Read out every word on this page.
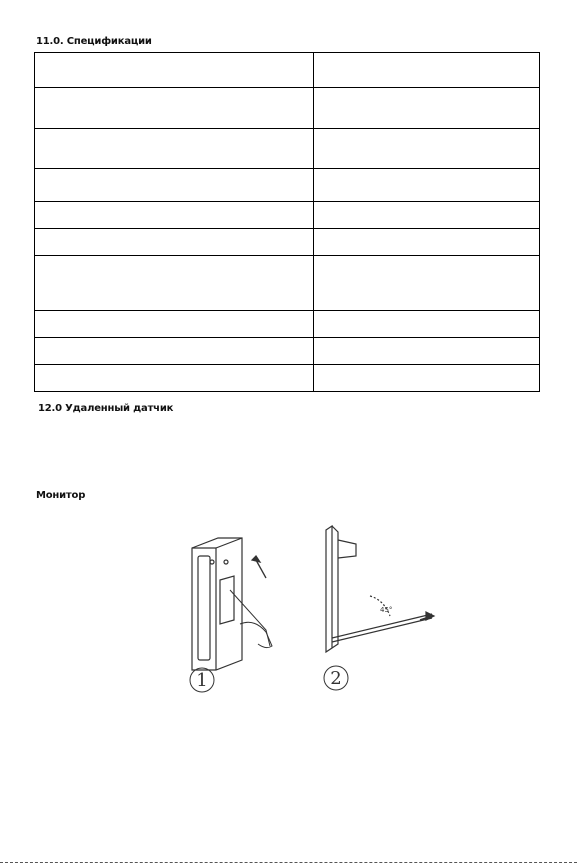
11.0. Спецификации

12.0 Удаленный датчик
Монитор
1
45°
2
